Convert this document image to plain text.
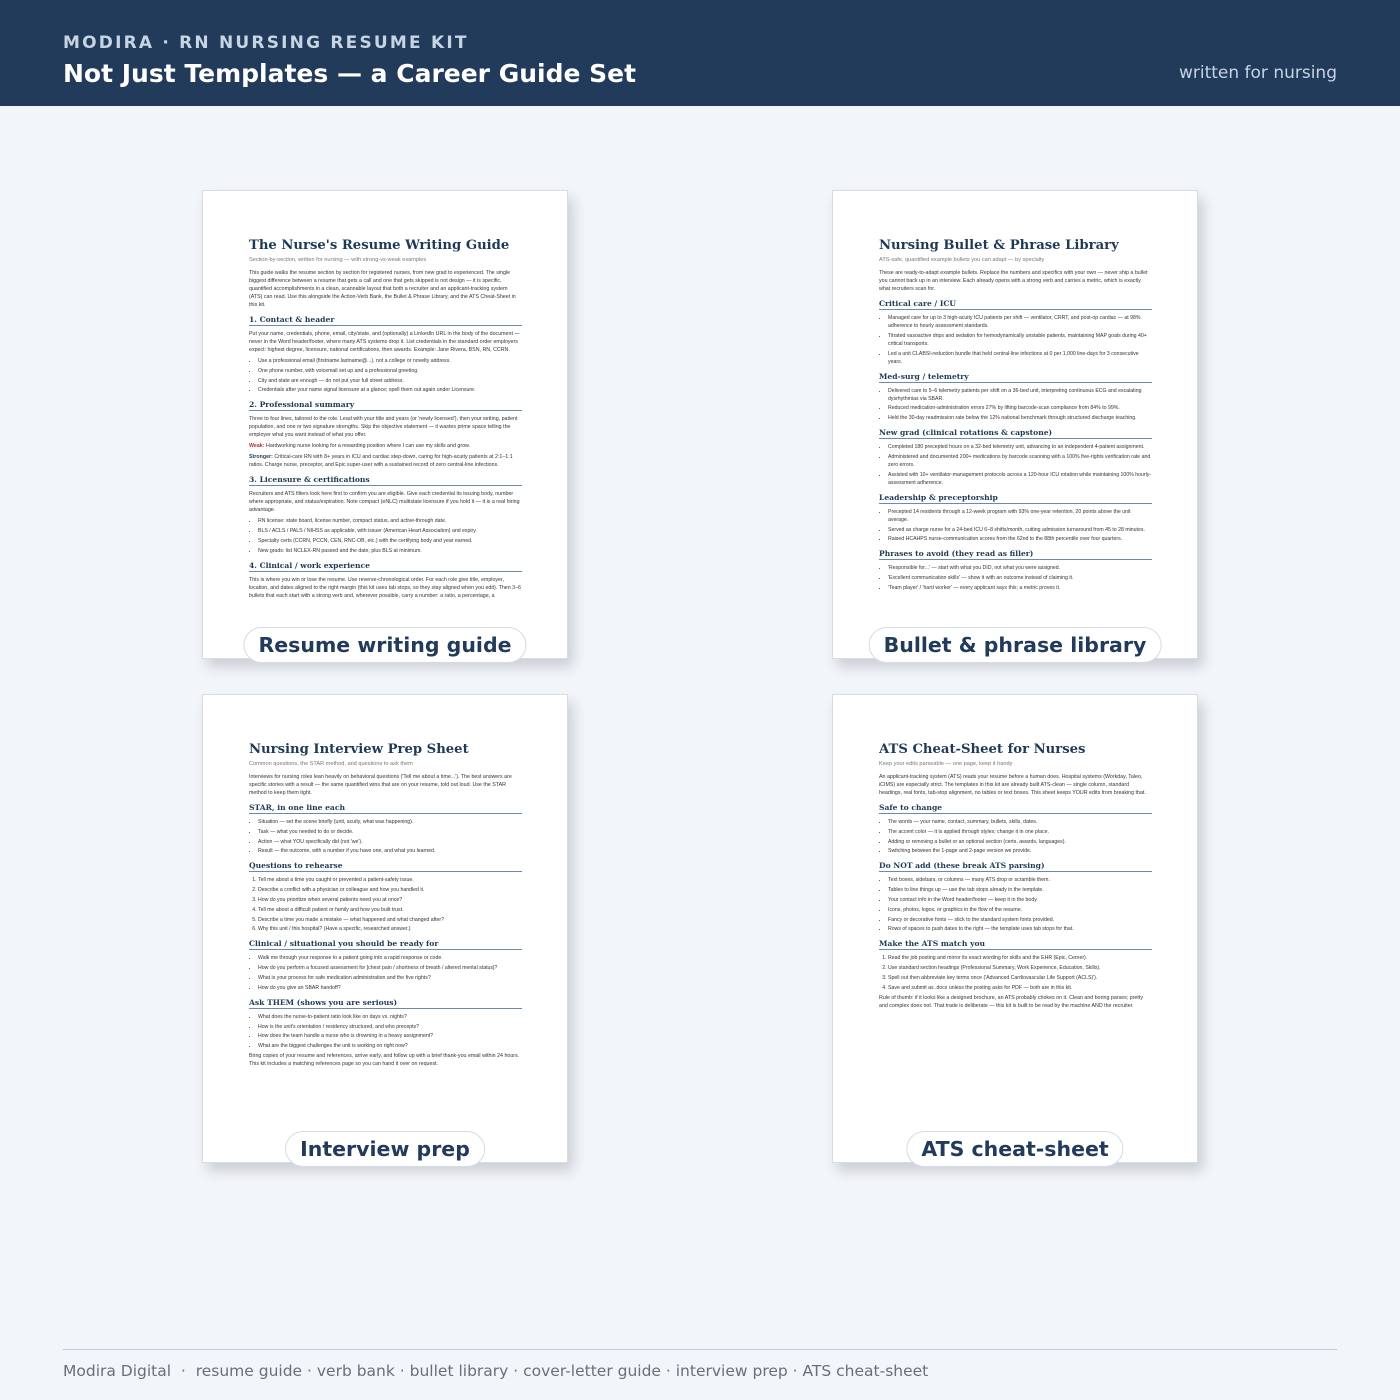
MODIRA · RN NURSING RESUME KIT
Not Just Templates — a Career Guide Set	written for nursing
The Nurse's Resume Writing Guide
Section-by-section, written for nursing — with strong-vs-weak examples
This guide walks the resume section by section for registered nurses, from new grad to experienced. The single biggest difference between a resume that gets a call and one that gets skipped is not design — it is specific, quantified accomplishments in a clean, scannable layout that both a recruiter and an applicant-tracking system (ATS) can read. Use this alongside the Action-Verb Bank, the Bullet & Phrase Library, and the ATS Cheat-Sheet in this kit.
1. Contact & header
Put your name, credentials, phone, email, city/state, and (optionally) a LinkedIn URL in the body of the document — never in the Word header/footer, where many ATS systems drop it. List credentials in the standard order employers expect: highest degree, licensure, national certifications, then awards. Example: Jane Rivera, BSN, RN, CCRN.
• Use a professional email (firstname.lastname@...), not a college or novelty address.
• One phone number, with voicemail set up and a professional greeting.
• City and state are enough — do not put your full street address.
• Credentials after your name signal licensure at a glance; spell them out again under Licensure.
2. Professional summary
Three to four lines, tailored to the role. Lead with your title and years (or 'newly licensed'), then your setting, patient population, and one or two signature strengths. Skip the objective statement — it wastes prime space telling the employer what you want instead of what you offer.
Weak: Hardworking nurse looking for a rewarding position where I can use my skills and grow.
Stronger: Critical-care RN with 8+ years in ICU and cardiac step-down, caring for high-acuity patients at 2:1–1:1 ratios. Charge nurse, preceptor, and Epic super-user with a sustained record of zero central-line infections.
3. Licensure & certifications
Recruiters and ATS filters look here first to confirm you are eligible. Give each credential its issuing body, number where appropriate, and status/expiration. Note compact (eNLC) multistate licensure if you hold it — it is a real hiring advantage.
• RN license: state board, license number, compact status, and active-through date.
• BLS / ACLS / PALS / NIHSS as applicable, with issuer (American Heart Association) and expiry.
• Specialty certs (CCRN, PCCN, CEN, RNC-OB, etc.) with the certifying body and year earned.
• New grads: list NCLEX-RN passed and the date, plus BLS at minimum.
4. Clinical / work experience
This is where you win or lose the resume. Use reverse-chronological order. For each role give title, employer, location, and dates aligned to the right margin (this kit uses tab stops, so they stay aligned when you edit). Then 3–6 bullets that each start with a strong verb and, wherever possible, carry a number: a ratio, a percentage, a
Resume writing guide
Nursing Bullet & Phrase Library
ATS-safe, quantified example bullets you can adapt — by specialty
These are ready-to-adapt example bullets. Replace the numbers and specifics with your own — never ship a bullet you cannot back up in an interview. Each already opens with a strong verb and carries a metric, which is exactly what recruiters scan for.
Critical care / ICU
• Managed care for up to 3 high-acuity ICU patients per shift — ventilator, CRRT, and post-op cardiac — at 98% adherence to hourly assessment standards.
• Titrated vasoactive drips and sedation for hemodynamically unstable patients, maintaining MAP goals during 40+ critical transports.
• Led a unit CLABSI-reduction bundle that held central-line infections at 0 per 1,000 line-days for 3 consecutive years.
Med-surg / telemetry
• Delivered care to 5–6 telemetry patients per shift on a 36-bed unit, interpreting continuous ECG and escalating dysrhythmias via SBAR.
• Reduced medication-administration errors 27% by lifting barcode-scan compliance from 84% to 99%.
• Held the 30-day readmission rate below the 12% national benchmark through structured discharge teaching.
New grad (clinical rotations & capstone)
• Completed 180 precepted hours on a 32-bed telemetry unit, advancing to an independent 4-patient assignment.
• Administered and documented 200+ medications by barcode scanning with a 100% five-rights verification rate and zero errors.
• Assisted with 10+ ventilator-management protocols across a 120-hour ICU rotation while maintaining 100% hourly-assessment adherence.
Leadership & preceptorship
• Precepted 14 residents through a 12-week program with 93% one-year retention, 20 points above the unit average.
• Served as charge nurse for a 24-bed ICU 6–8 shifts/month, cutting admission turnaround from 45 to 28 minutes.
• Raised HCAHPS nurse-communication scores from the 62nd to the 88th percentile over four quarters.
Phrases to avoid (they read as filler)
• 'Responsible for...' — start with what you DID, not what you were assigned.
• 'Excellent communication skills' — show it with an outcome instead of claiming it.
• 'Team player' / 'hard worker' — every applicant says this; a metric proves it.
Bullet & phrase library
Nursing Interview Prep Sheet
Common questions, the STAR method, and questions to ask them
Interviews for nursing roles lean heavily on behavioral questions ('Tell me about a time...'). The best answers are specific stories with a result — the same quantified wins that are on your resume, told out loud. Use the STAR method to keep them tight.
STAR, in one line each
• Situation — set the scene briefly (unit, acuity, what was happening).
• Task — what you needed to do or decide.
• Action — what YOU specifically did (not 'we').
• Result — the outcome, with a number if you have one, and what you learned.
Questions to rehearse
1. Tell me about a time you caught or prevented a patient-safety issue.
2. Describe a conflict with a physician or colleague and how you handled it.
3. How do you prioritize when several patients need you at once?
4. Tell me about a difficult patient or family and how you built trust.
5. Describe a time you made a mistake — what happened and what changed after?
6. Why this unit / this hospital? (Have a specific, researched answer.)
Clinical / situational you should be ready for
• Walk me through your response to a patient going into a rapid response or code.
• How do you perform a focused assessment for [chest pain / shortness of breath / altered mental status]?
• What is your process for safe medication administration and the five rights?
• How do you give an SBAR handoff?
Ask THEM (shows you are serious)
• What does the nurse-to-patient ratio look like on days vs. nights?
• How is the unit's orientation / residency structured, and who precepts?
• How does the team handle a nurse who is drowning in a heavy assignment?
• What are the biggest challenges the unit is working on right now?
Bring copies of your resume and references, arrive early, and follow up with a brief thank-you email within 24 hours. This kit includes a matching references page so you can hand it over on request.
Interview prep
ATS Cheat-Sheet for Nurses
Keep your edits parseable — one page, keep it handy
An applicant-tracking system (ATS) reads your resume before a human does. Hospital systems (Workday, Taleo, iCIMS) are especially strict. The templates in this kit are already built ATS-clean — single column, standard headings, real fonts, tab-stop alignment, no tables or text boxes. This sheet keeps YOUR edits from breaking that.
Safe to change
• The words — your name, contact, summary, bullets, skills, dates.
• The accent color — it is applied through styles; change it in one place.
• Adding or removing a bullet or an optional section (certs, awards, languages).
• Switching between the 1-page and 2-page version we provide.
Do NOT add (these break ATS parsing)
• Text boxes, sidebars, or columns — many ATS drop or scramble them.
• Tables to line things up — use the tab stops already in the template.
• Your contact info in the Word header/footer — keep it in the body.
• Icons, photos, logos, or graphics in the flow of the resume.
• Fancy or decorative fonts — stick to the standard system fonts provided.
• Rows of spaces to push dates to the right — the template uses tab stops for that.
Make the ATS match you
1. Read the job posting and mirror its exact wording for skills and the EHR (Epic, Cerner).
2. Use standard section headings (Professional Summary, Work Experience, Education, Skills).
3. Spell out then abbreviate key terms once ('Advanced Cardiovascular Life Support (ACLS)').
4. Save and submit as .docx unless the posting asks for PDF — both are in this kit.
Rule of thumb: if it looks like a designed brochure, an ATS probably chokes on it. Clean and boring parses; pretty and complex does not. That trade is deliberate — this kit is built to be read by the machine AND the recruiter.
ATS cheat-sheet
Modira Digital  ·  resume guide · verb bank · bullet library · cover-letter guide · interview prep · ATS cheat-sheet
